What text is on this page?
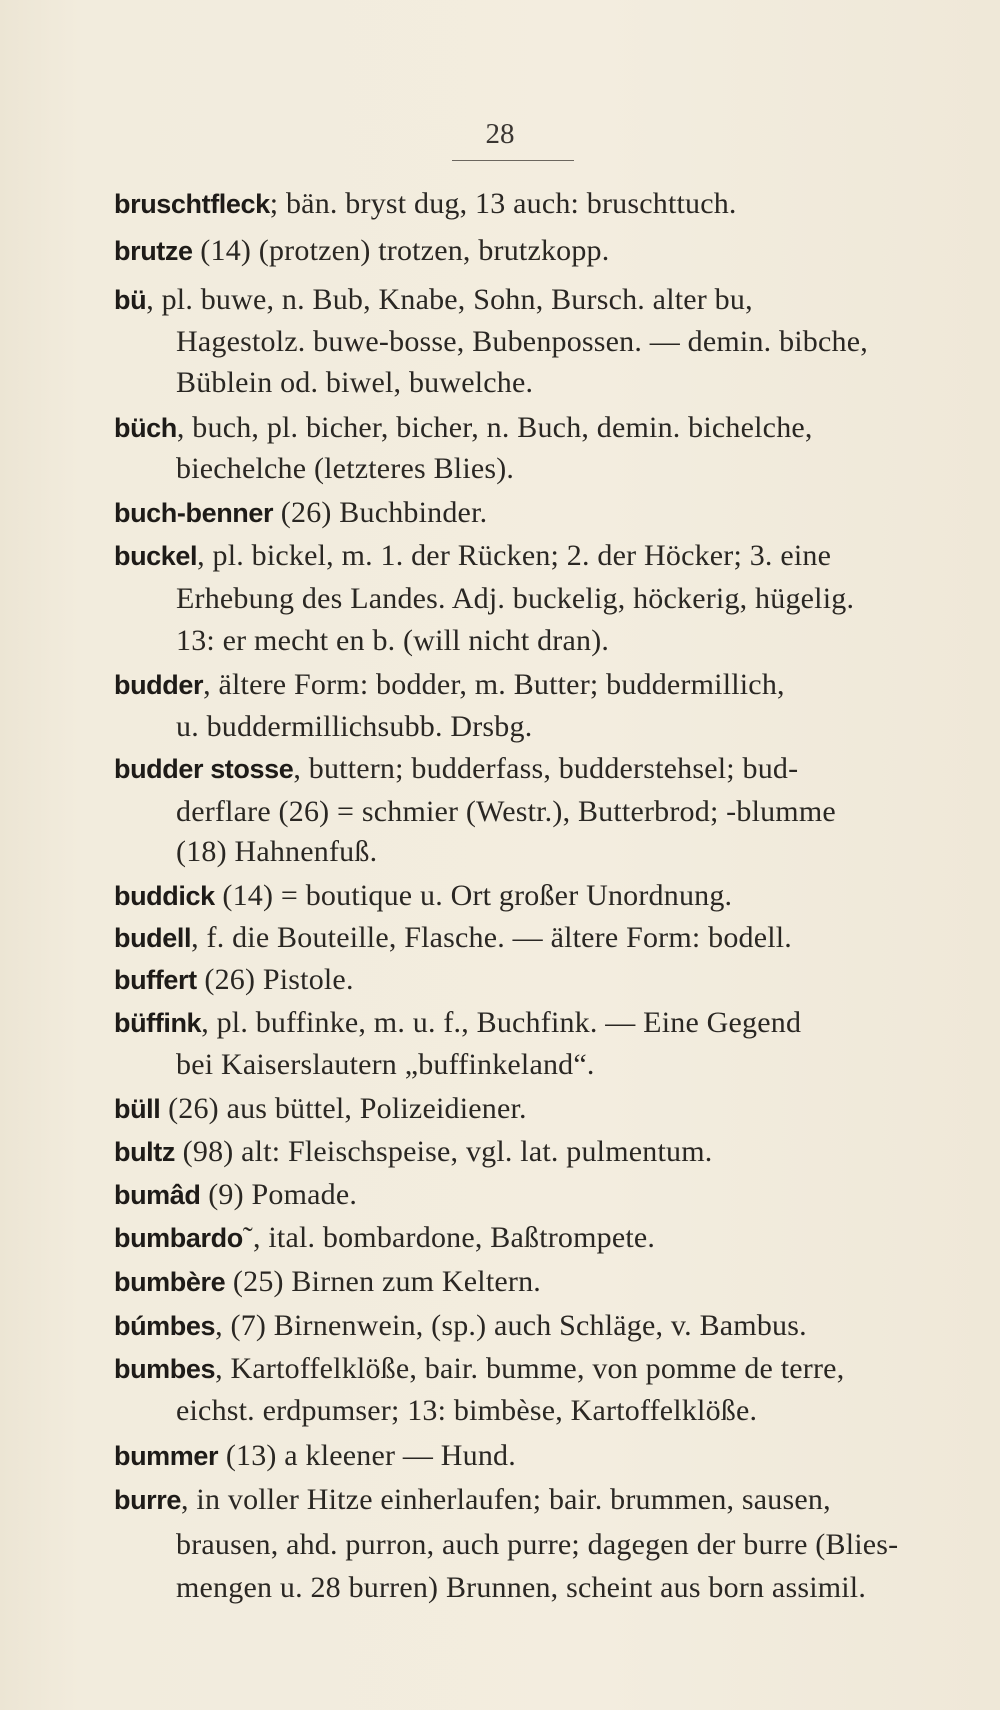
28
bruschtfleck; bän. bryst dug, 13 auch: bruschttuch.
brutze (14) (protzen) trotzen, brutzkopp.
bü, pl. buwe, n. Bub, Knabe, Sohn, Bursch. alter bu,
Hagestolz. buwe-bosse, Bubenpossen. — demin. bibche,
Büblein od. biwel, buwelche.
büch, buch, pl. bicher, bicher, n. Buch, demin. bichelche,
biechelche (letzteres Blies).
buch-benner (26) Buchbinder.
buckel, pl. bickel, m. 1. der Rücken; 2. der Höcker; 3. eine
Erhebung des Landes. Adj. buckelig, höckerig, hügelig.
13: er mecht en b. (will nicht dran).
budder, ältere Form: bodder, m. Butter; buddermillich,
u. buddermillichsubb. Drsbg.
budder stosse, buttern; budderfass, budderstehsel; bud-
derflare (26) = schmier (Westr.), Butterbrod; -blumme
(18) Hahnenfuß.
buddick (14) = boutique u. Ort großer Unordnung.
budell, f. die Bouteille, Flasche. — ältere Form: bodell.
buffert (26) Pistole.
büffink, pl. buffinke, m. u. f., Buchfink. — Eine Gegend
bei Kaiserslautern „buffinkeland“.
büll (26) aus büttel, Polizeidiener.
bultz (98) alt: Fleischspeise, vgl. lat. pulmentum.
bumâd (9) Pomade.
bumbardo˜, ital. bombardone, Baßtrompete.
bumbère (25) Birnen zum Keltern.
búmbes, (7) Birnenwein, (sp.) auch Schläge, v. Bambus.
bumbes, Kartoffelklöße, bair. bumme, von pomme de terre,
eichst. erdpumser; 13: bimbèse, Kartoffelklöße.
bummer (13) a kleener — Hund.
burre, in voller Hitze einherlaufen; bair. brummen, sausen,
brausen, ahd. purron, auch purre; dagegen der burre (Blies-
mengen u. 28 burren) Brunnen, scheint aus born assimil.
